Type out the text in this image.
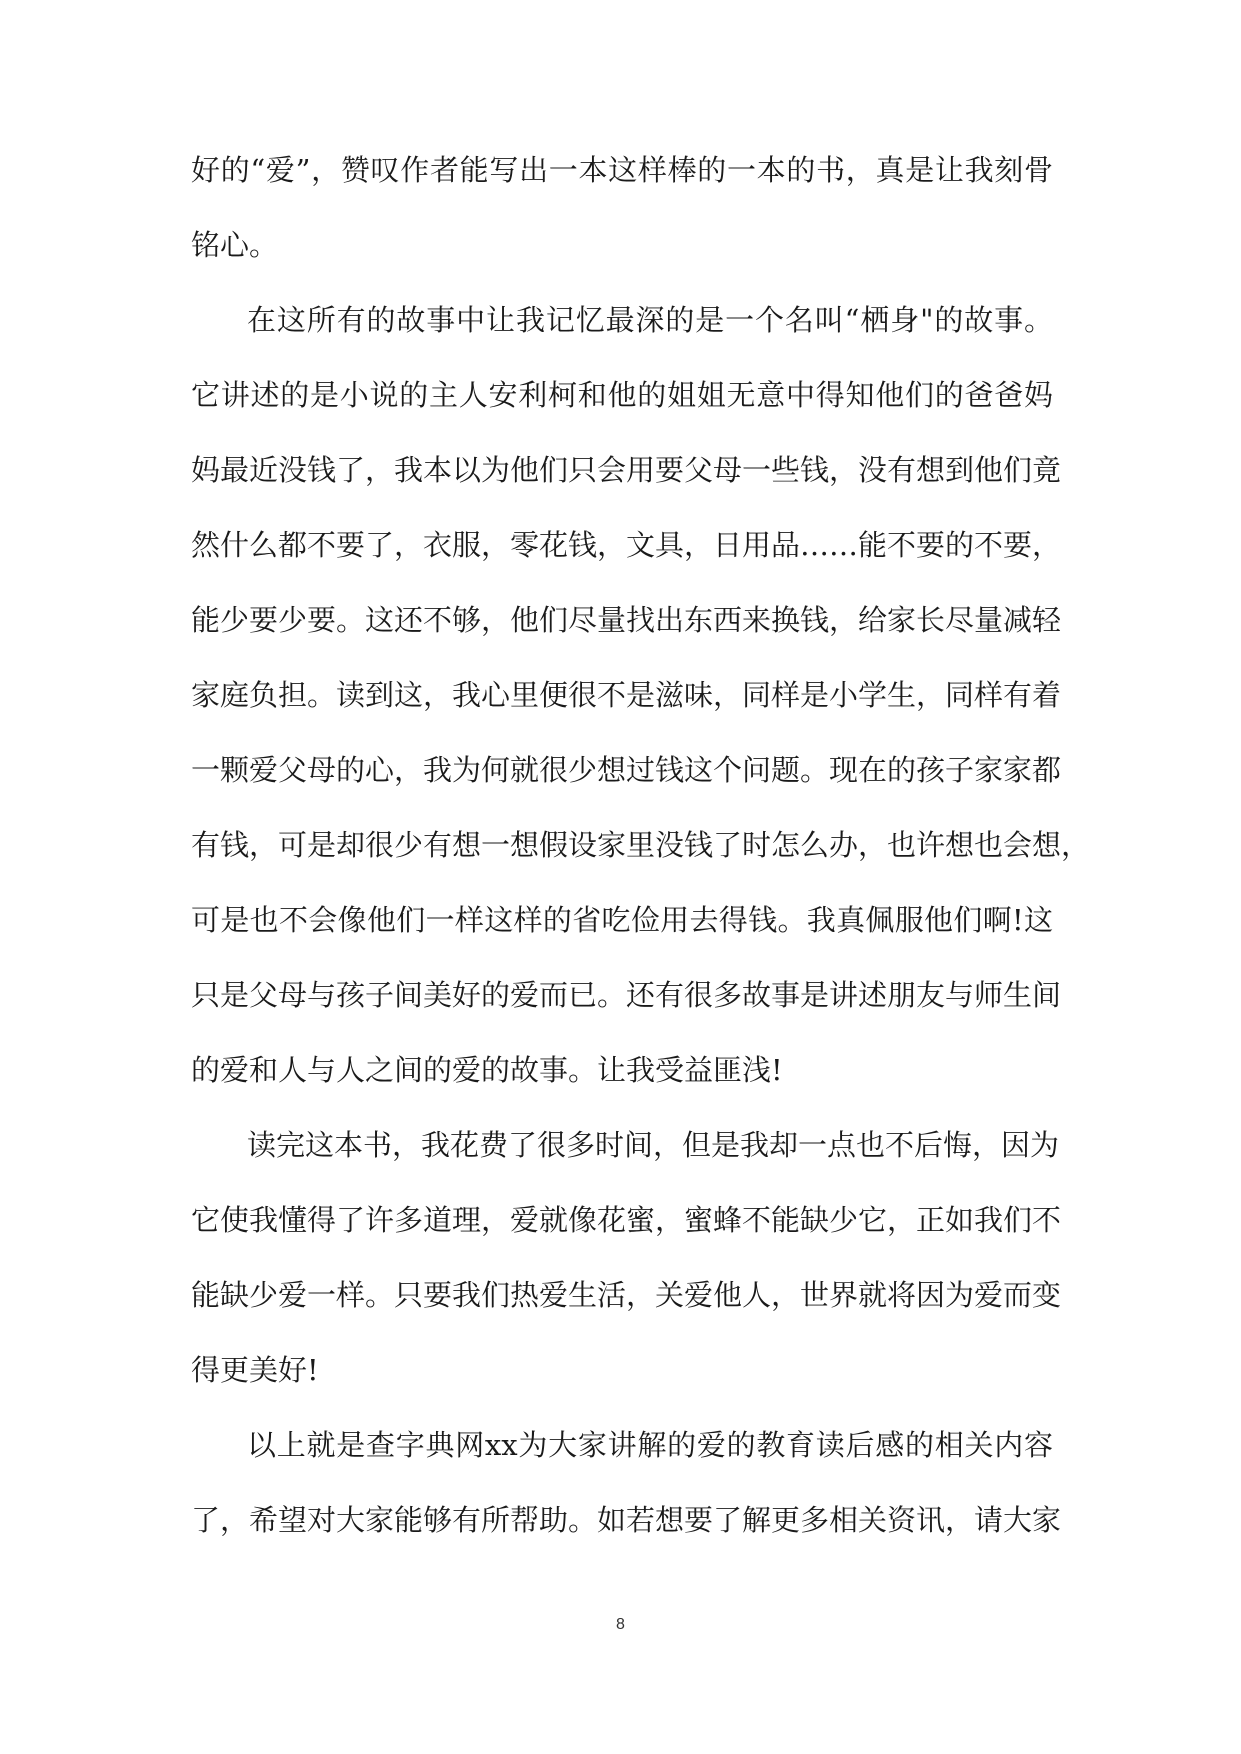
好的“爱”，赞叹作者能写出一本这样棒的一本的书，真是让我刻骨
铭心。
在这所有的故事中让我记忆最深的是一个名叫“栖身"的故事。
它讲述的是小说的主人安利柯和他的姐姐无意中得知他们的爸爸妈
妈最近没钱了，我本以为他们只会用要父母一些钱，没有想到他们竟
然什么都不要了，衣服，零花钱，文具，日用品……能不要的不要，
能少要少要。这还不够，他们尽量找出东西来换钱，给家长尽量减轻
家庭负担。读到这，我心里便很不是滋味，同样是小学生，同样有着
一颗爱父母的心，我为何就很少想过钱这个问题。现在的孩子家家都
有钱，可是却很少有想一想假设家里没钱了时怎么办，也许想也会想，
可是也不会像他们一样这样的省吃俭用去得钱。我真佩服他们啊!这
只是父母与孩子间美好的爱而已。还有很多故事是讲述朋友与师生间
的爱和人与人之间的爱的故事。让我受益匪浅!
读完这本书，我花费了很多时间，但是我却一点也不后悔，因为
它使我懂得了许多道理，爱就像花蜜，蜜蜂不能缺少它，正如我们不
能缺少爱一样。只要我们热爱生活，关爱他人，世界就将因为爱而变
得更美好!
以上就是查字典网xx为大家讲解的爱的教育读后感的相关内容
了，希望对大家能够有所帮助。如若想要了解更多相关资讯，请大家
8
